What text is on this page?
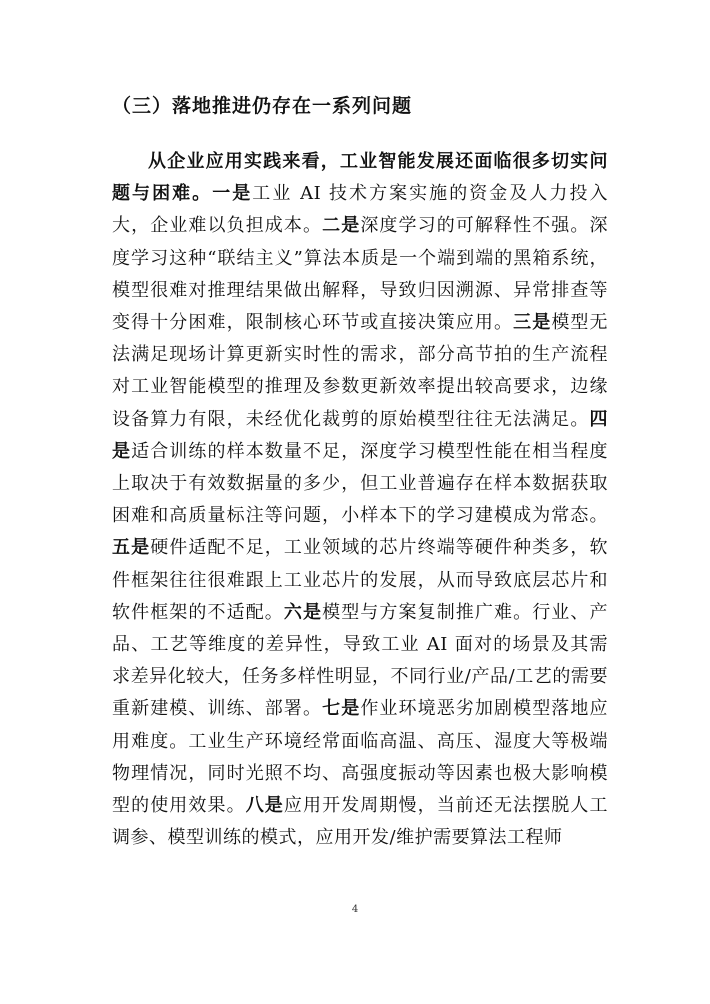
（三）落地推进仍存在一系列问题
从企业应用实践来看，工业智能发展还面临很多切实问题与困难。一是工业 AI 技术方案实施的资金及人力投入大，企业难以负担成本。二是深度学习的可解释性不强。深度学习这种“联结主义”算法本质是一个端到端的黑箱系统，模型很难对推理结果做出解释，导致归因溯源、异常排查等变得十分困难，限制核心环节或直接决策应用。三是模型无法满足现场计算更新实时性的需求，部分高节拍的生产流程对工业智能模型的推理及参数更新效率提出较高要求，边缘设备算力有限，未经优化裁剪的原始模型往往无法满足。四是适合训练的样本数量不足，深度学习模型性能在相当程度上取决于有效数据量的多少，但工业普遍存在样本数据获取困难和高质量标注等问题，小样本下的学习建模成为常态。五是硬件适配不足，工业领域的芯片终端等硬件种类多，软件框架往往很难跟上工业芯片的发展，从而导致底层芯片和软件框架的不适配。六是模型与方案复制推广难。行业、产品、工艺等维度的差异性，导致工业 AI 面对的场景及其需求差异化较大，任务多样性明显，不同行业/产品/工艺的需要重新建模、训练、部署。七是作业环境恶劣加剧模型落地应用难度。工业生产环境经常面临高温、高压、湿度大等极端物理情况，同时光照不均、高强度振动等因素也极大影响模型的使用效果。八是应用开发周期慢，当前还无法摆脱人工调参、模型训练的模式，应用开发/维护需要算法工程师
4
